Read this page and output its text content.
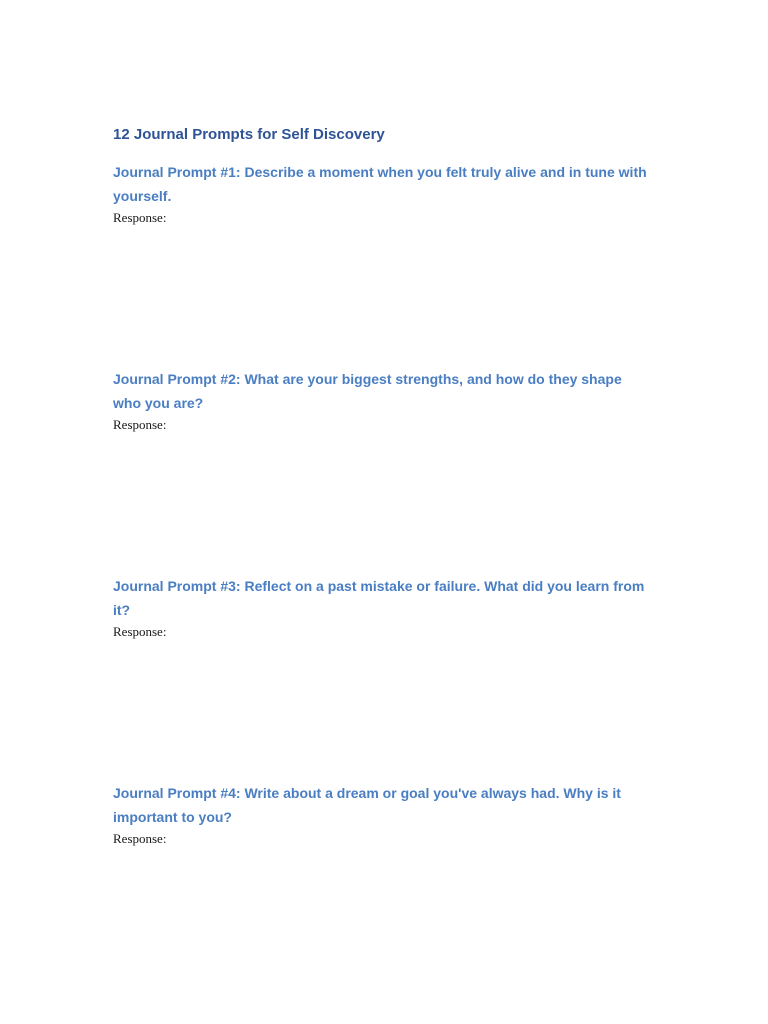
12 Journal Prompts for Self Discovery

Journal Prompt #1: Describe a moment when you felt truly alive and in tune with yourself.

Response:

Journal Prompt #2: What are your biggest strengths, and how do they shape who you are?

Response:

Journal Prompt #3: Reflect on a past mistake or failure. What did you learn from it?

Response:

Journal Prompt #4: Write about a dream or goal you've always had. Why is it important to you?

Response:
